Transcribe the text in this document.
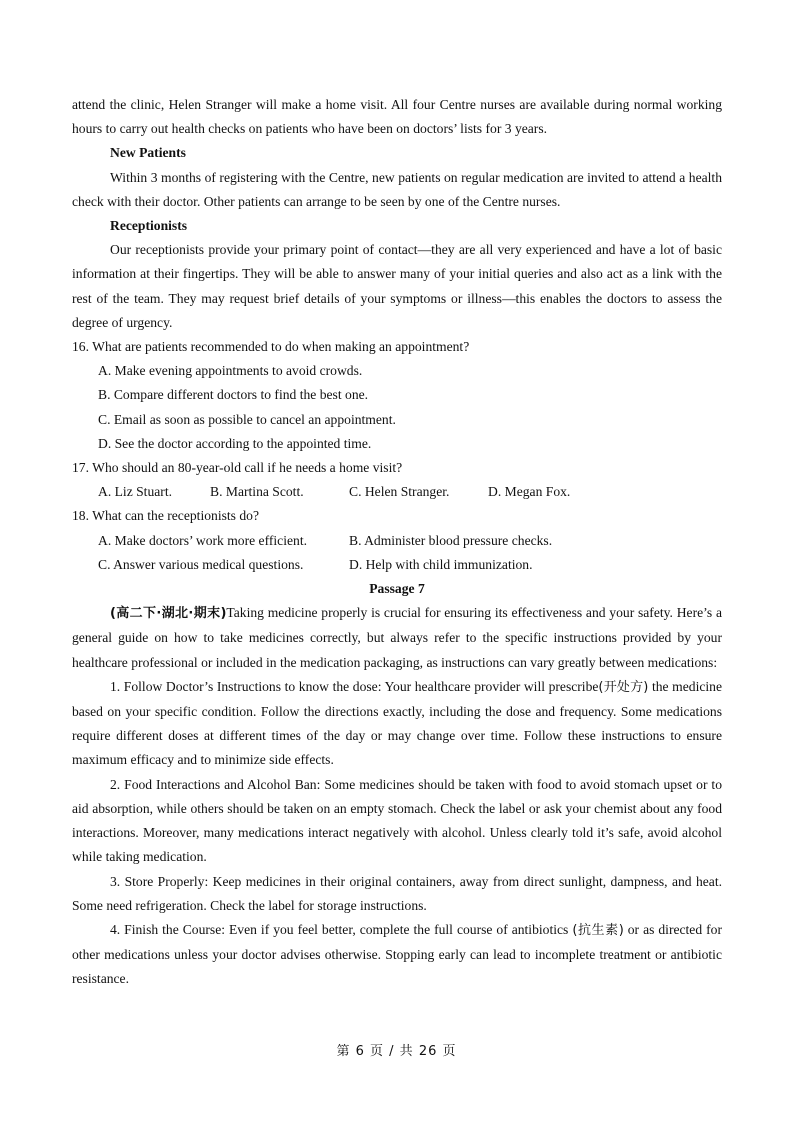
attend the clinic, Helen Stranger will make a home visit. All four Centre nurses are available during normal working hours to carry out health checks on patients who have been on doctors’ lists for 3 years.

New Patients

Within 3 months of registering with the Centre, new patients on regular medication are invited to attend a health check with their doctor. Other patients can arrange to be seen by one of the Centre nurses.

Receptionists

Our receptionists provide your primary point of contact—they are all very experienced and have a lot of basic information at their fingertips. They will be able to answer many of your initial queries and also act as a link with the rest of the team. They may request brief details of your symptoms or illness—this enables the doctors to assess the degree of urgency.

16. What are patients recommended to do when making an appointment?

A. Make evening appointments to avoid crowds.

B. Compare different doctors to find the best one.

C. Email as soon as possible to cancel an appointment.

D. See the doctor according to the appointed time.

17. Who should an 80-year-old call if he needs a home visit?

A. Liz Stuart.	B. Martina Scott.	C. Helen Stranger.	D. Megan Fox.

18. What can the receptionists do?

A. Make doctors’ work more efficient.	B. Administer blood pressure checks.
C. Answer various medical questions.	D. Help with child immunization.

Passage 7

(高二下·湖北·期末)Taking medicine properly is crucial for ensuring its effectiveness and your safety. Here’s a general guide on how to take medicines correctly, but always refer to the specific instructions provided by your healthcare professional or included in the medication packaging, as instructions can vary greatly between medications:

1. Follow Doctor’s Instructions to know the dose: Your healthcare provider will prescribe(开处方) the medicine based on your specific condition. Follow the directions exactly, including the dose and frequency. Some medications require different doses at different times of the day or may change over time. Follow these instructions to ensure maximum efficacy and to minimize side effects.

2. Food Interactions and Alcohol Ban: Some medicines should be taken with food to avoid stomach upset or to aid absorption, while others should be taken on an empty stomach. Check the label or ask your chemist about any food interactions. Moreover, many medications interact negatively with alcohol. Unless clearly told it’s safe, avoid alcohol while taking medication.

3. Store Properly: Keep medicines in their original containers, away from direct sunlight, dampness, and heat. Some need refrigeration. Check the label for storage instructions.

4. Finish the Course: Even if you feel better, complete the full course of antibiotics (抗生素) or as directed for other medications unless your doctor advises otherwise. Stopping early can lead to incomplete treatment or antibiotic resistance.

第 6 页 / 共 26 页
